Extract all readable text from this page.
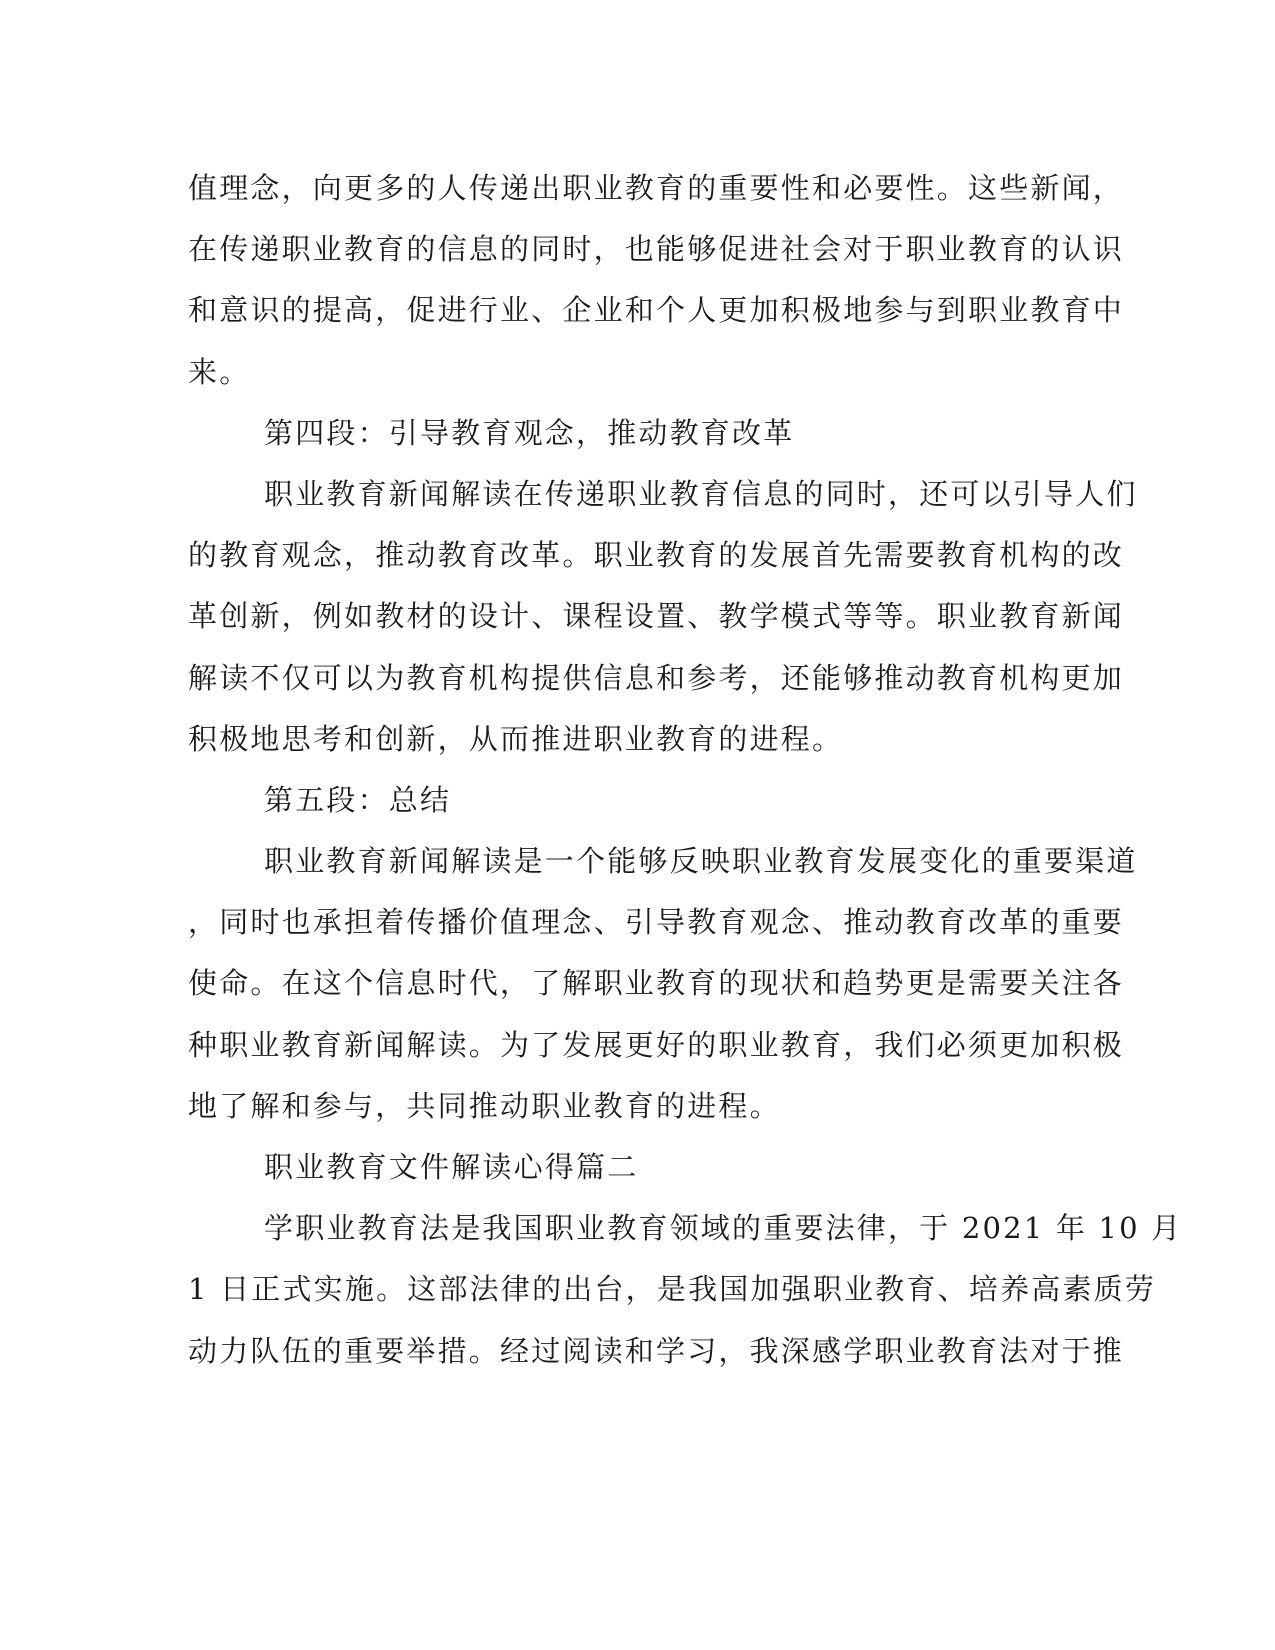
值理念，向更多的人传递出职业教育的重要性和必要性。这些新闻，
在传递职业教育的信息的同时，也能够促进社会对于职业教育的认识
和意识的提高，促进行业、企业和个人更加积极地参与到职业教育中
来。
第四段：引导教育观念，推动教育改革
职业教育新闻解读在传递职业教育信息的同时，还可以引导人们
的教育观念，推动教育改革。职业教育的发展首先需要教育机构的改
革创新，例如教材的设计、课程设置、教学模式等等。职业教育新闻
解读不仅可以为教育机构提供信息和参考，还能够推动教育机构更加
积极地思考和创新，从而推进职业教育的进程。
第五段：总结
职业教育新闻解读是一个能够反映职业教育发展变化的重要渠道
，同时也承担着传播价值理念、引导教育观念、推动教育改革的重要
使命。在这个信息时代，了解职业教育的现状和趋势更是需要关注各
种职业教育新闻解读。为了发展更好的职业教育，我们必须更加积极
地了解和参与，共同推动职业教育的进程。
职业教育文件解读心得篇二
学职业教育法是我国职业教育领域的重要法律，于 2021 年 10 月
1 日正式实施。这部法律的出台，是我国加强职业教育、培养高素质劳
动力队伍的重要举措。经过阅读和学习，我深感学职业教育法对于推
